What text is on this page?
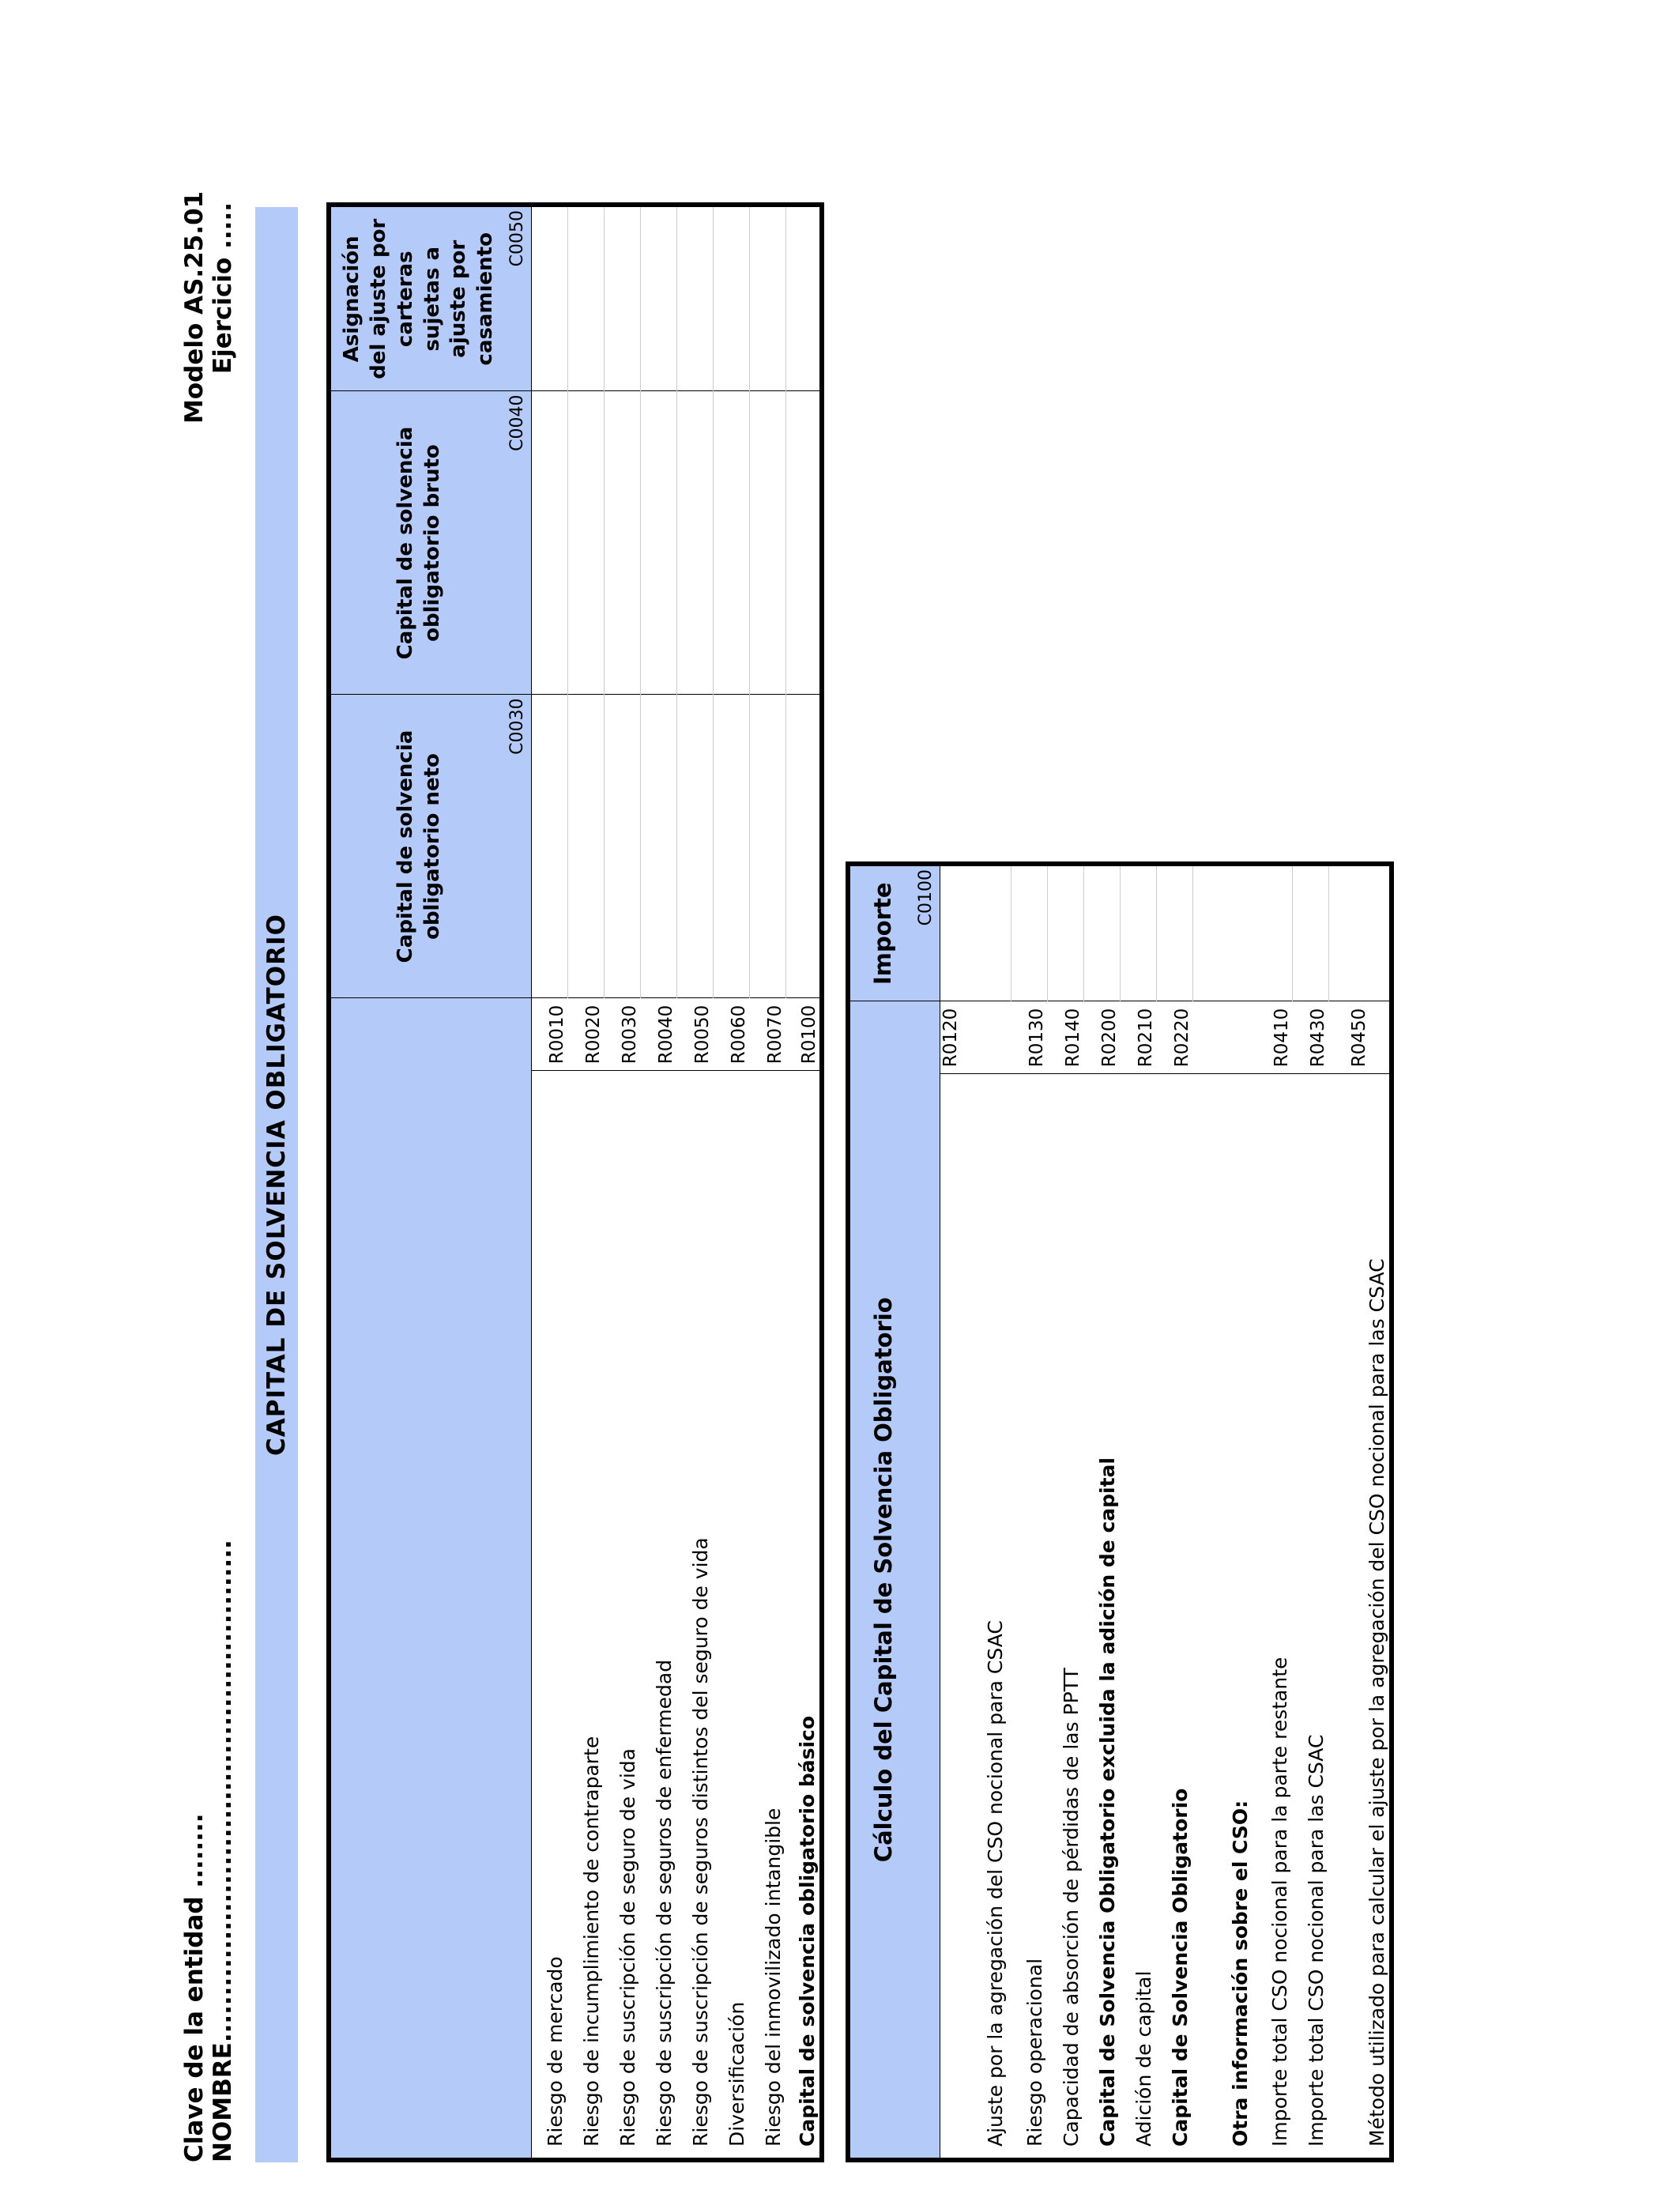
Clave de la entidad ........ NOMBRE......................................................
Modelo AS.25.01 Ejercicio .....
CAPITAL DE SOLVENCIA OBLIGATORIO
		Capital de solvencia obligatorio neto	Capital de solvencia obligatorio bruto	Asignación del ajuste por carteras sujetas a ajuste por casamiento
		C0030	C0040	C0050
Riesgo de mercado	R0010			
Riesgo de incumplimiento de contraparte	R0020			
Riesgo de suscripción de seguro de vida	R0030			
Riesgo de suscripción de seguros de enfermedad	R0040			
Riesgo de suscripción de seguros distintos del seguro de vida	R0050			
Diversificación	R0060			
Riesgo del inmovilizado intangible	R0070			
Capital de solvencia obligatorio básico	R0100			
Cálculo del Capital de Solvencia Obligatorio		Importe
		C0100
Ajuste por la agregación del CSO nocional para CSAC	R0120	
Riesgo operacional	R0130	
Capacidad de absorción de pérdidas de las PPTT	R0140	
Capital de Solvencia Obligatorio excluida la adición de capital	R0200	
Adición de capital	R0210	
Capital de Solvencia Obligatorio	R0220	
Otra información sobre el CSO:		
Importe total CSO nocional para la parte restante	R0410	
Importe total CSO nocional para las CSAC	R0430	
Método utilizado para calcular el ajuste por la agregación del CSO nocional para las CSAC	R0450	
